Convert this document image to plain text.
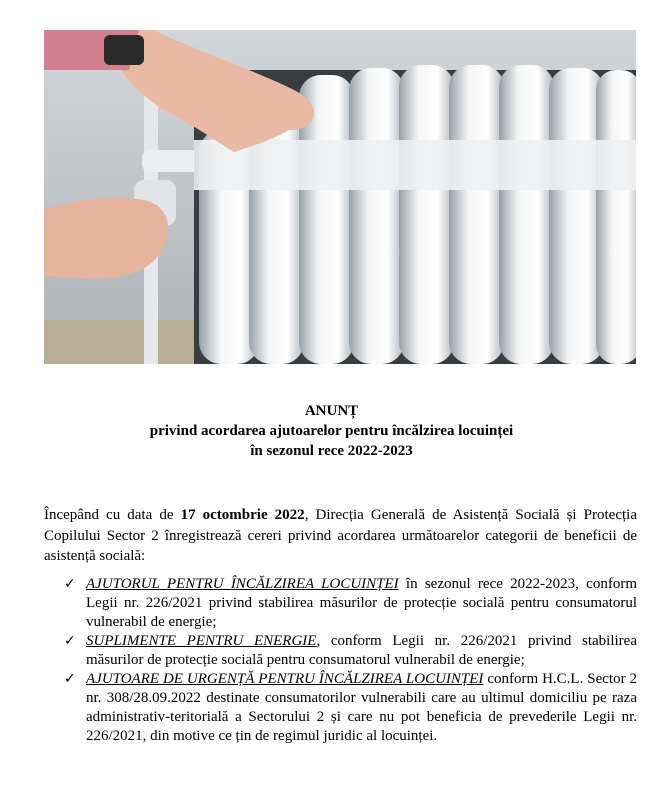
ANUNȚ
privind acordarea ajutoarelor pentru încălzirea locuinței
în sezonul rece 2022-2023

Începând cu data de 17 octombrie 2022, Direcția Generală de Asistență Socială și Protecția Copilului Sector 2 înregistrează cereri privind acordarea următoarelor categorii de beneficii de asistență socială:

✓ AJUTORUL PENTRU ÎNCĂLZIREA LOCUINȚEI în sezonul rece 2022-2023, conform Legii nr. 226/2021 privind stabilirea măsurilor de protecție socială pentru consumatorul vulnerabil de energie;
✓ SUPLIMENTE PENTRU ENERGIE, conform Legii nr. 226/2021 privind stabilirea măsurilor de protecție socială pentru consumatorul vulnerabil de energie;
✓ AJUTOARE DE URGENȚĂ PENTRU ÎNCĂLZIREA LOCUINȚEI conform H.C.L. Sector 2 nr. 308/28.09.2022 destinate consumatorilor vulnerabili care au ultimul domiciliu pe raza administrativ-teritorială a Sectorului 2 și care nu pot beneficia de prevederile Legii nr. 226/2021, din motive ce țin de regimul juridic al locuinței.
